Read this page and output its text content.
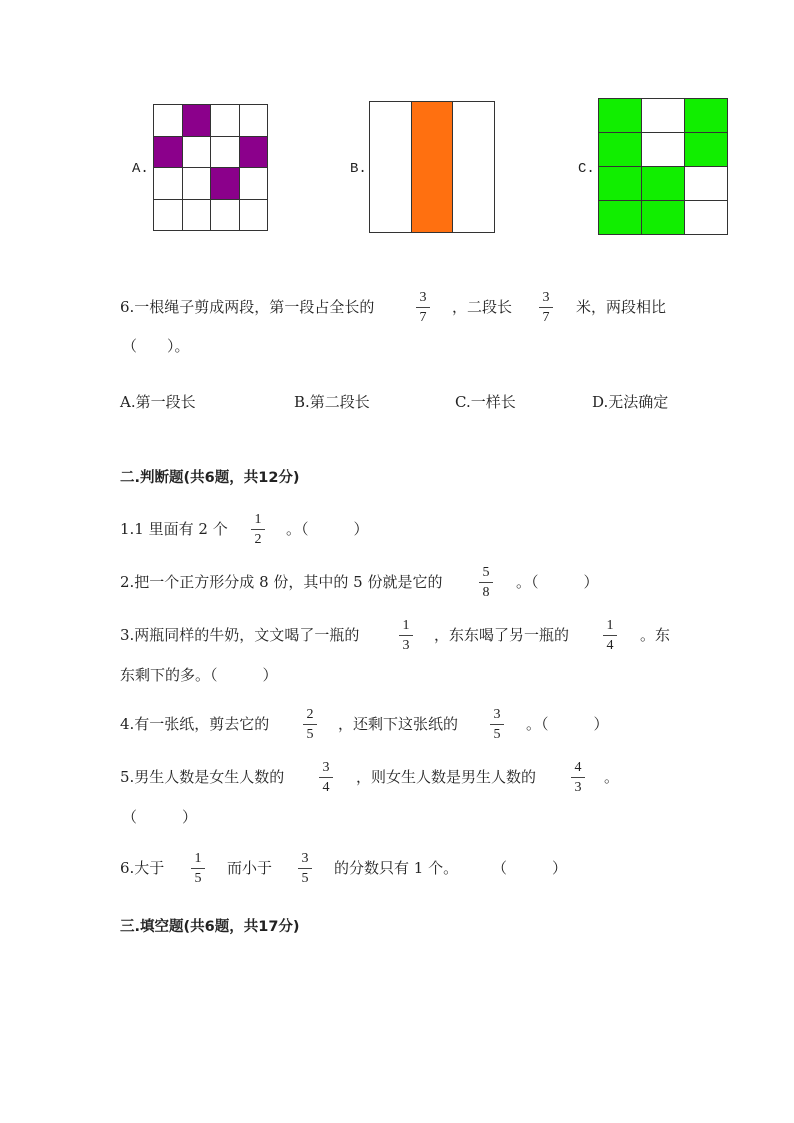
A.

				B.
			C.

6.一根绳子剪成两段，第一段占全长的
3
7
，二段长
3
7
米，两段相比
（　　）。
A.第一段长	B.第二段长	C.一样长	D.无法确定
二.判断题(共6题，共12分)
1.1 里面有 2 个
1
2
。（　　　）
2.把一个正方形分成 8 份，其中的 5 份就是它的
5
8
。（　　　）
3.两瓶同样的牛奶，文文喝了一瓶的
1
3
，东东喝了另一瓶的
1
4
。东
东剩下的多。（　　　）
4.有一张纸，剪去它的
2
5
，还剩下这张纸的
3
5
。（　　　）
5.男生人数是女生人数的
3
4
，则女生人数是男生人数的
4
3
。
（　　　）
6.大于
1
5
而小于
3
5
的分数只有 1 个。 （　　　）
三.填空题(共6题，共17分)
